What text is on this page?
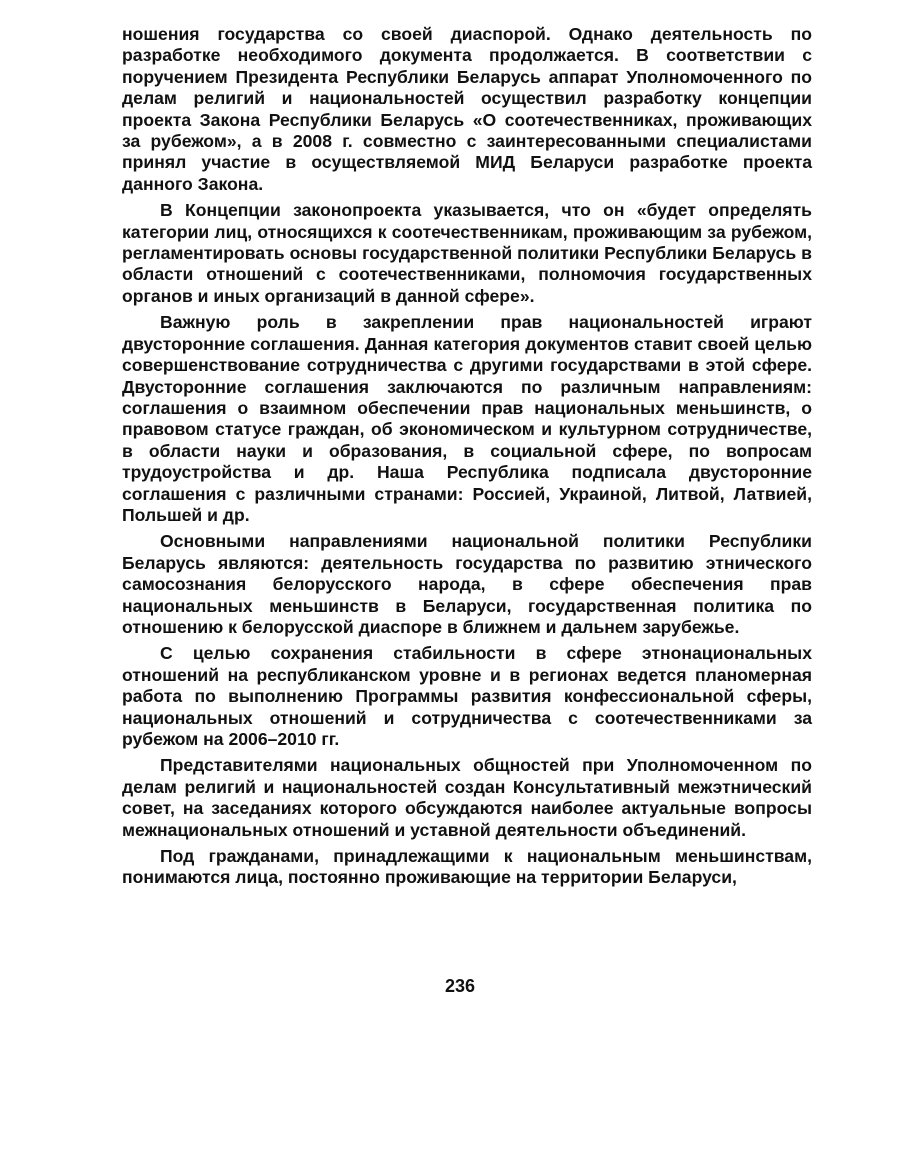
ношения государства со своей диаспорой. Однако деятельность по разработке необходимого документа продолжается. В соответствии с поручением Президента Республики Беларусь аппарат Уполномоченного по делам религий и национальностей осуществил разработку концепции проекта Закона Республики Беларусь «О соотечественниках, проживающих за рубежом», а в 2008 г. совместно с заинтересованными специалистами принял участие в осуществляемой МИД Беларуси разработке проекта данного Закона.

В Концепции законопроекта указывается, что он «будет определять категории лиц, относящихся к соотечественникам, проживающим за рубежом, регламентировать основы государственной политики Республики Беларусь в области отношений с соотечественниками, полномочия государственных органов и иных организаций в данной сфере».

Важную роль в закреплении прав национальностей играют двусторонние соглашения. Данная категория документов ставит своей целью совершенствование сотрудничества с другими государствами в этой сфере. Двусторонние соглашения заключаются по различным направлениям: соглашения о взаимном обеспечении прав национальных меньшинств, о правовом статусе граждан, об экономическом и культурном сотрудничестве, в области науки и образования, в социальной сфере, по вопросам трудоустройства и др. Наша Республика подписала двусторонние соглашения с различными странами: Россией, Украиной, Литвой, Латвией, Польшей и др.

Основными направлениями национальной политики Республики Беларусь являются: деятельность государства по развитию этнического самосознания белорусского народа, в сфере обеспечения прав национальных меньшинств в Беларуси, государственная политика по отношению к белорусской диаспоре в ближнем и дальнем зарубежье.

С целью сохранения стабильности в сфере этнонациональных отношений на республиканском уровне и в регионах ведется планомерная работа по выполнению Программы развития конфессиональной сферы, национальных отношений и сотрудничества с соотечественниками за рубежом на 2006–2010 гг.

Представителями национальных общностей при Уполномоченном по делам религий и национальностей создан Консультативный межэтнический совет, на заседаниях которого обсуждаются наиболее актуальные вопросы межнациональных отношений и уставной деятельности объединений.

Под гражданами, принадлежащими к национальным меньшинствам, понимаются лица, постоянно проживающие на территории Беларуси,

236
